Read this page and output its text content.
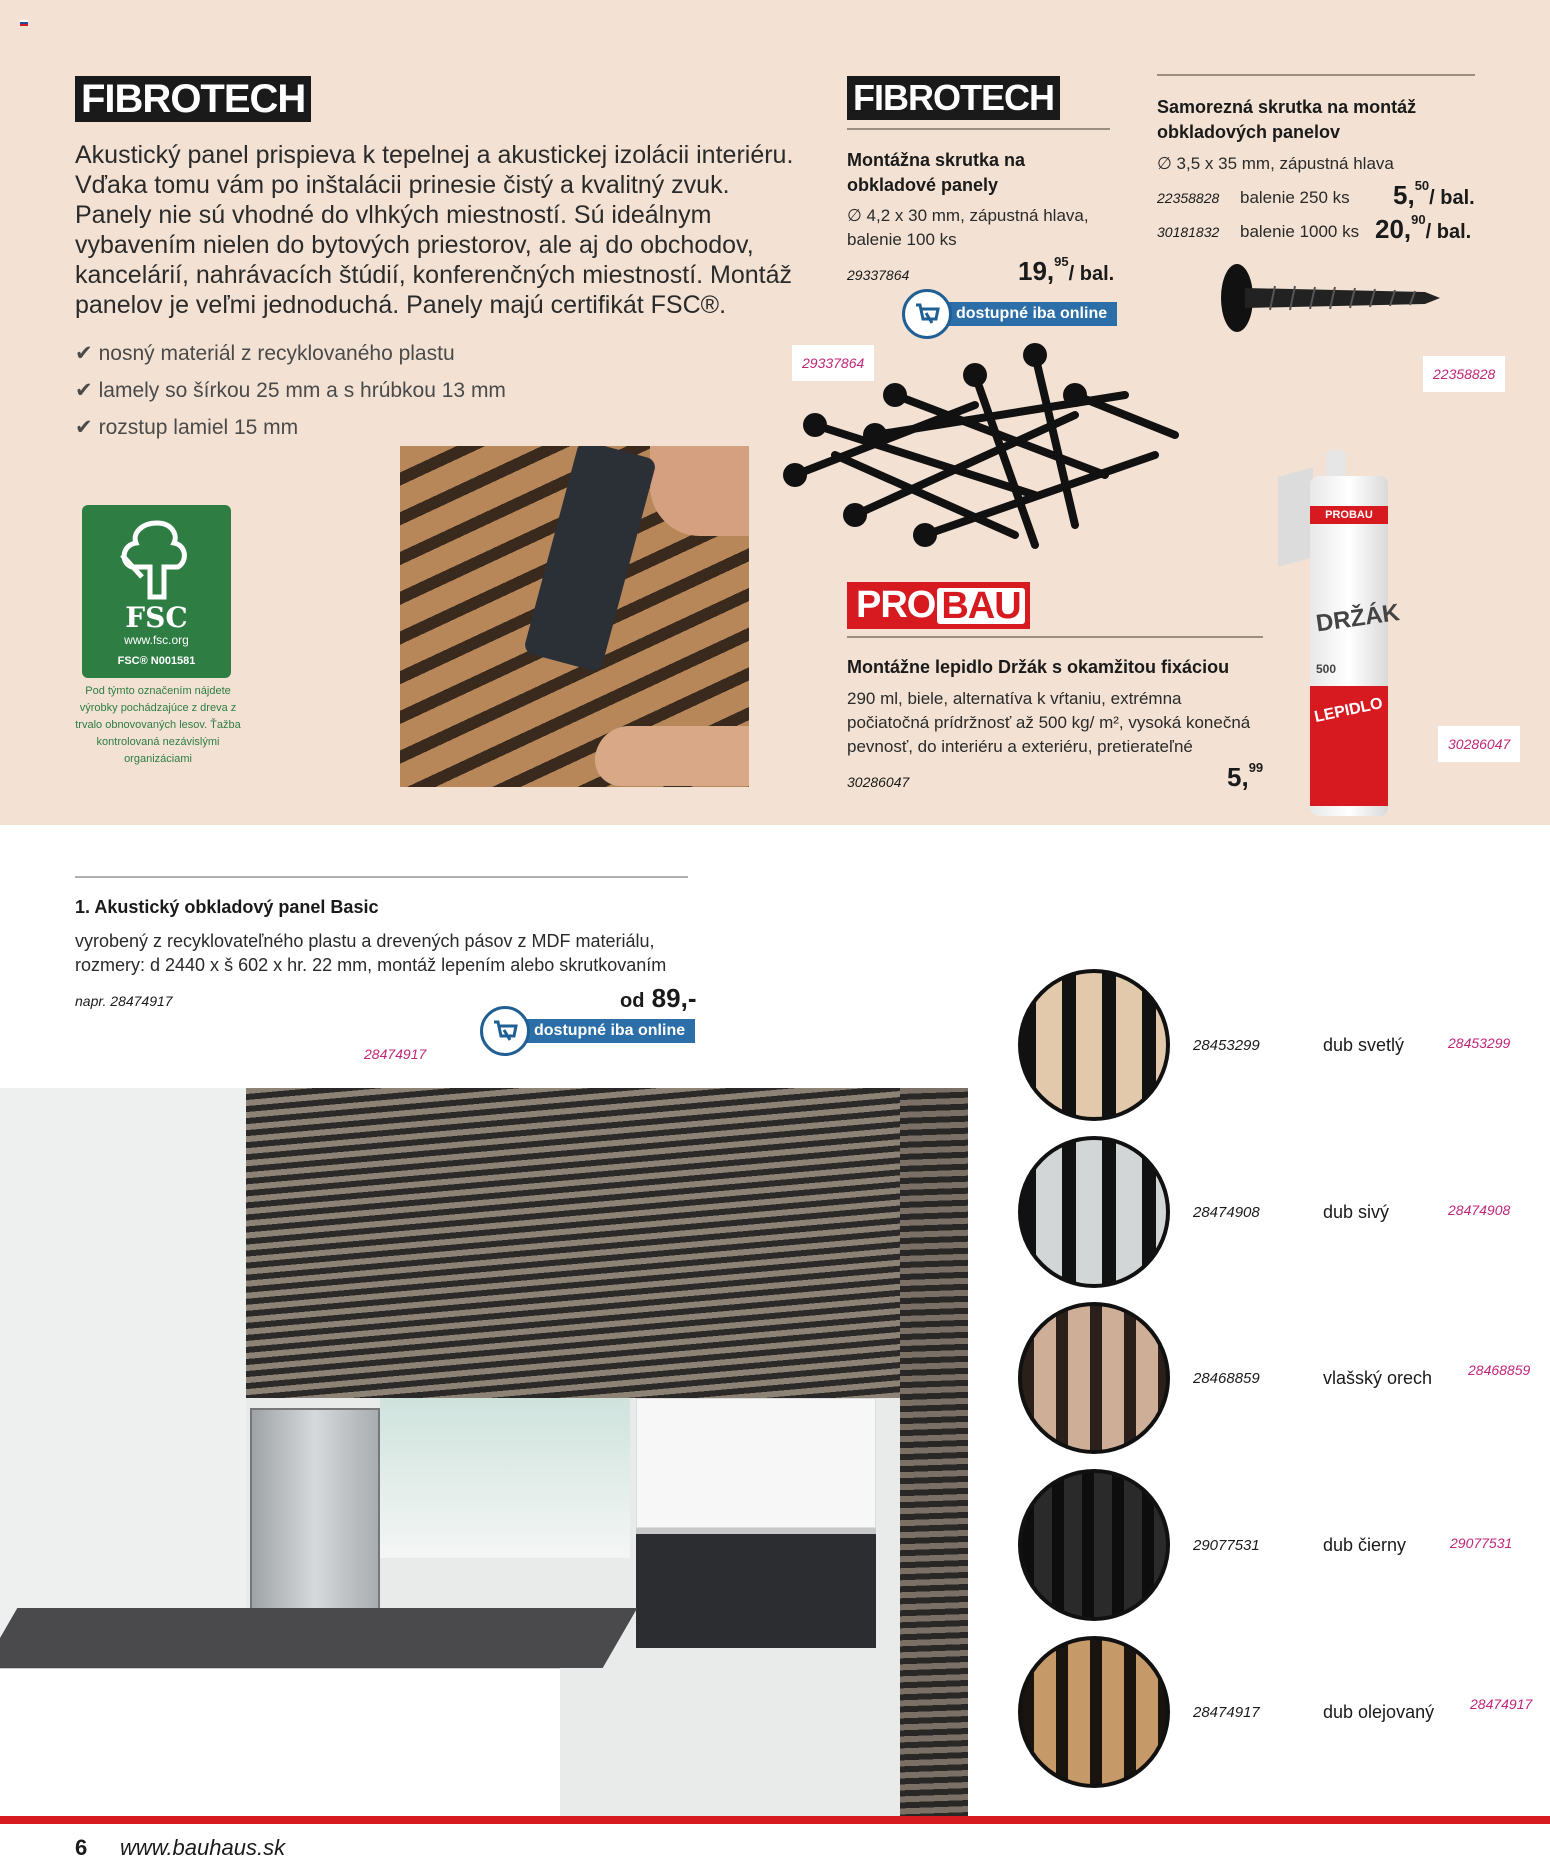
FIBROTECH
Akustický panel prispieva k tepelnej a akustickej izolácii interiéru. Vďaka tomu vám po inštalácii prinesie čistý a kvalitný zvuk. Panely nie sú vhodné do vlhkých miestností. Sú ideálnym vybavením nielen do bytových priestorov, ale aj do obchodov, kancelárií, nahrávacích štúdií, konferenčných miestností. Montáž panelov je veľmi jednoduchá. Panely majú certifikát FSC®.
✔ nosný materiál z recyklovaného plastu
✔ lamely so šírkou 25 mm a s hrúbkou 13 mm
✔ rozstup lamiel 15 mm
FSC
www.fsc.org
FSC® N001581
Pod týmto označením nájdete výrobky pochádzajúce z dreva z trvalo obnovovaných lesov. Ťažba kontrolovaná nezávislými organizáciami
FIBROTECH
Montážna skrutka na obkladové panely
∅ 4,2 x 30 mm, zápustná hlava, balenie 100 ks
29337864	19,95/ bal.
dostupné iba online
29337864
Samorezná skrutka na montáž obkladových panelov
∅ 3,5 x 35 mm, zápustná hlava
22358828 balenie 250 ks 5,50/ bal.
30181832 balenie 1000 ks 20,90/ bal.
22358828
PRO BAU
Montážne lepidlo Držák s okamžitou fixáciou
290 ml, biele, alternatíva k vŕtaniu, extrémna počiatočná prídržnosť až 500 kg/ m², vysoká konečná pevnosť, do interiéru a exteriéru, pretierateľné
30286047	5,99
PROBAU
DRŽÁK
500
LEPIDLO
30286047
1. Akustický obkladový panel Basic
vyrobený z recyklovateľného plastu a drevených pásov z MDF materiálu, rozmery: d 2440 x š 602 x hr. 22 mm, montáž lepením alebo skrutkovaním
napr. 28474917	od 89,-
dostupné iba online
28474917	28453299	dub svetlý	28453299
28474908	dub sivý	28474908
28468859	vlašský orech	28468859
29077531	dub čierny	29077531
28474917	dub olejovaný	28474917
6 www.bauhaus.sk
